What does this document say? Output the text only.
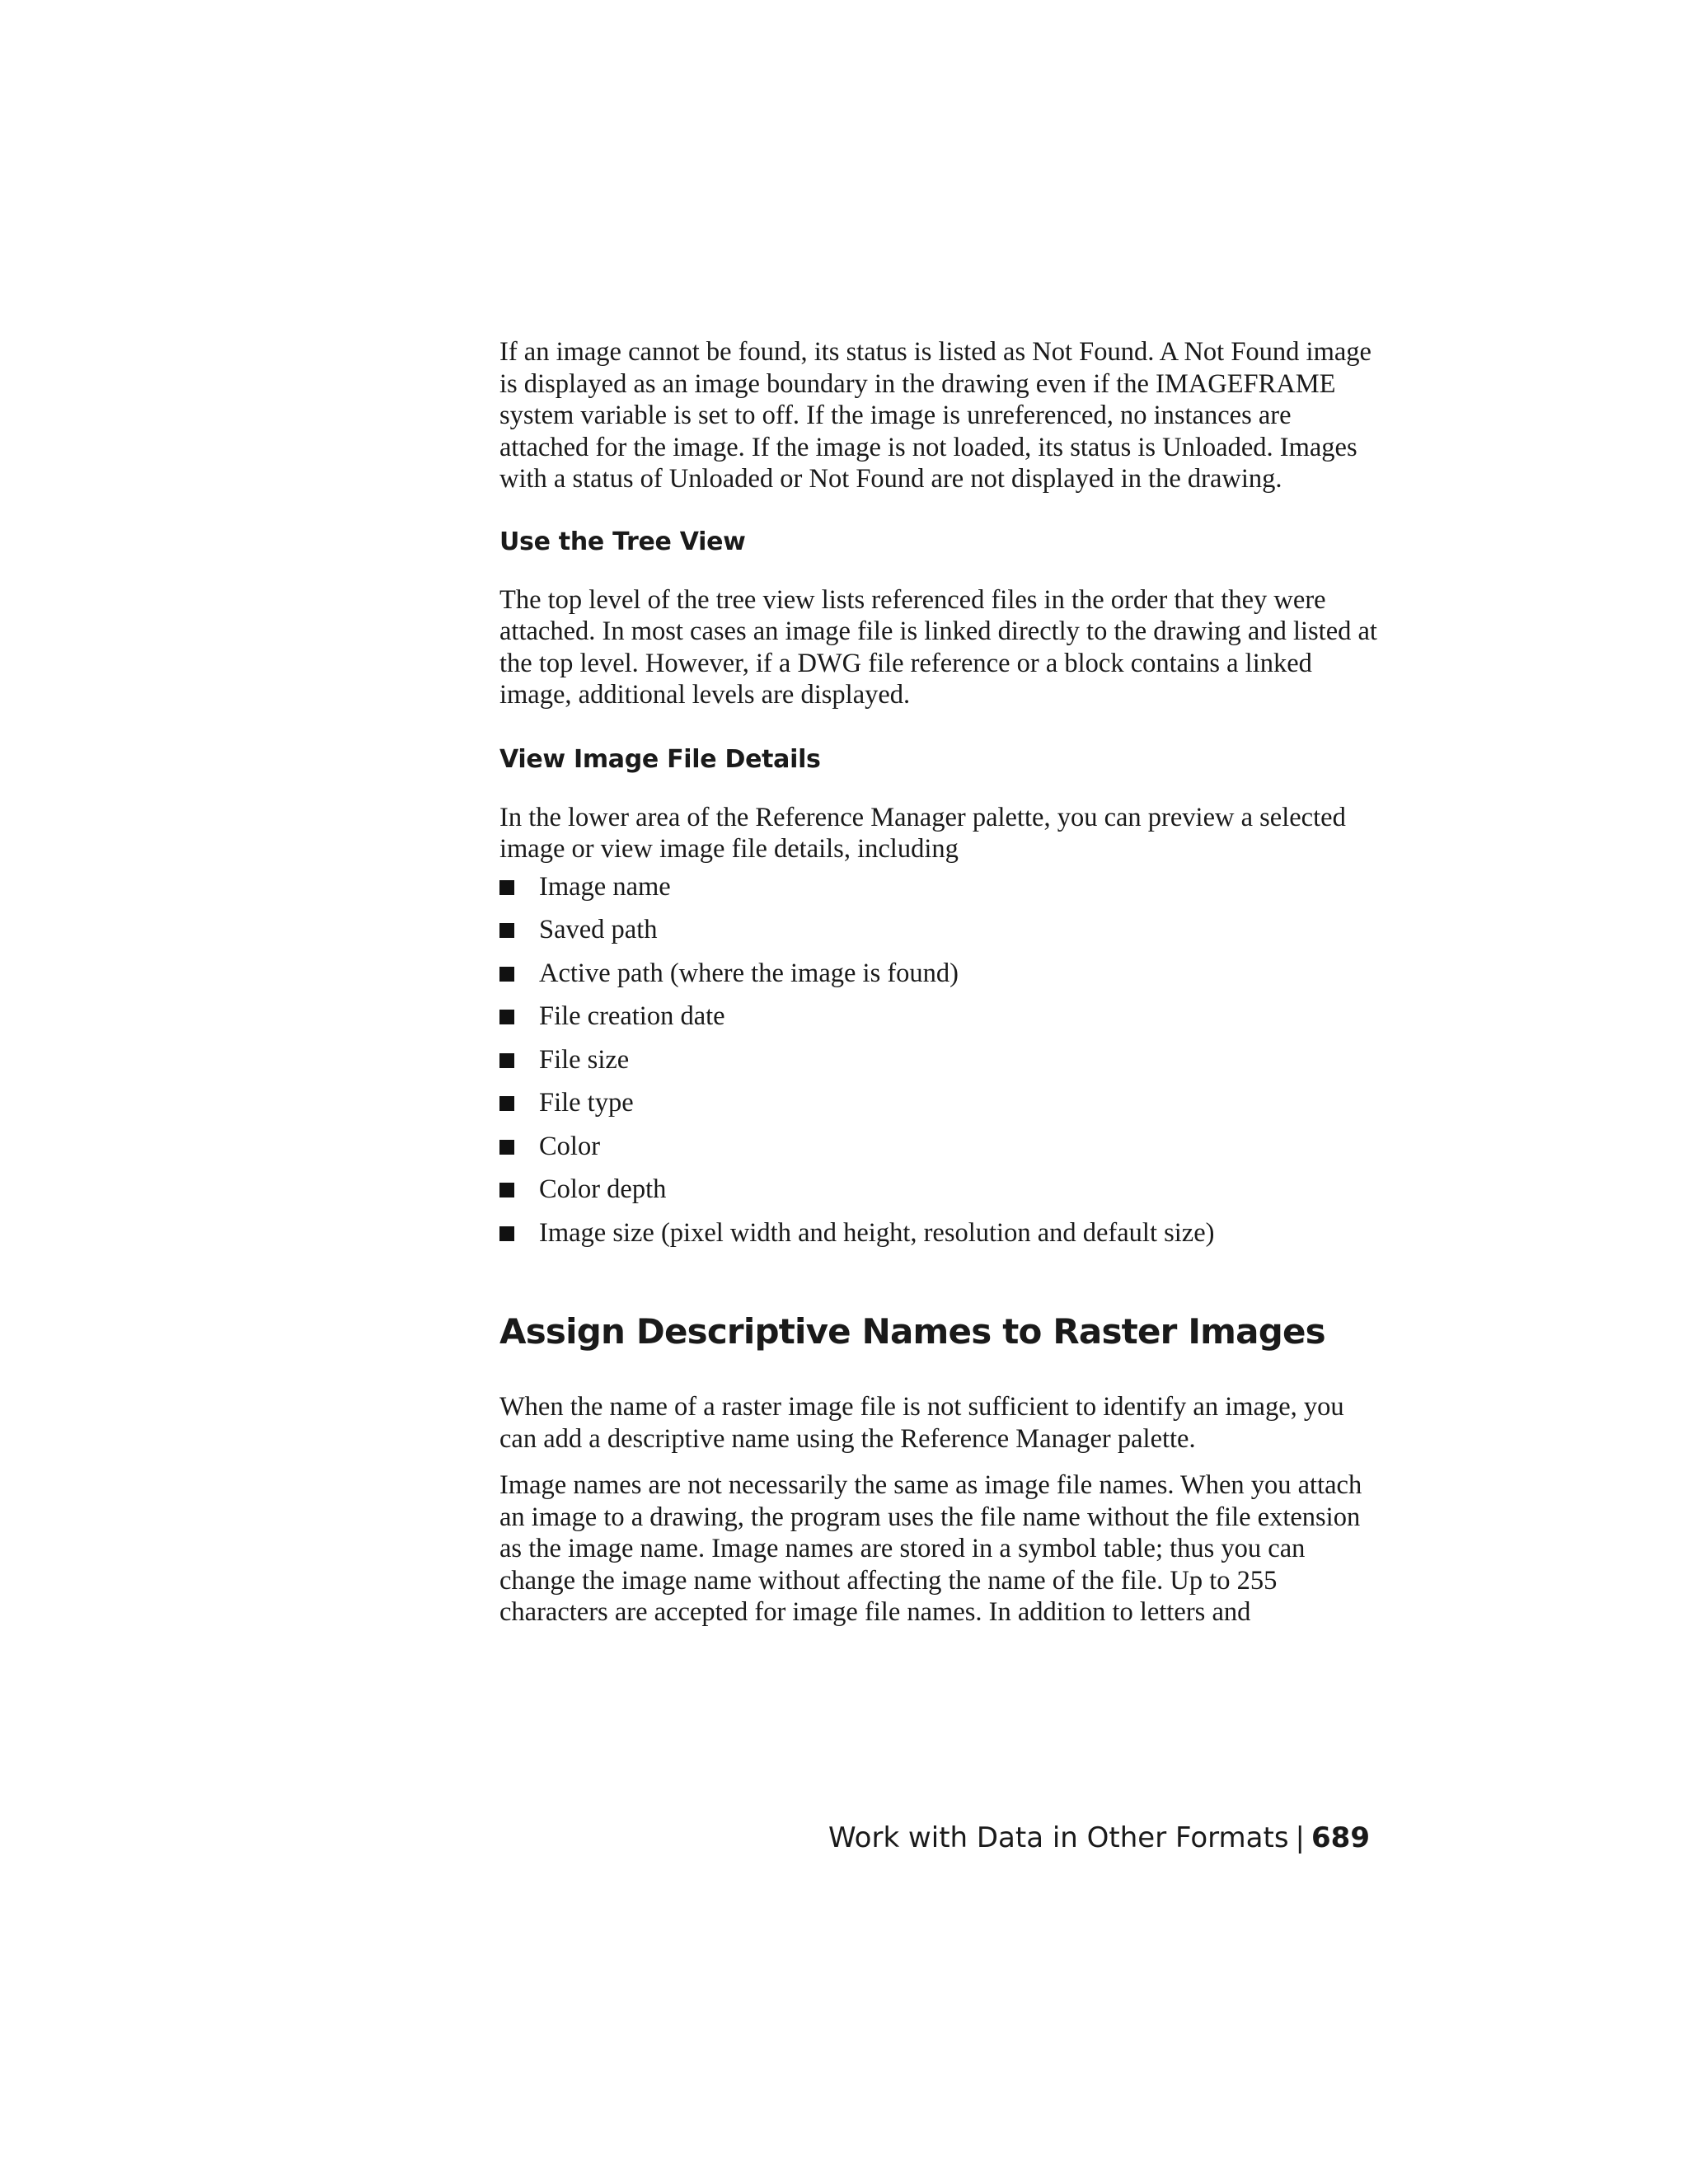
If an image cannot be found, its status is listed as Not Found. A Not Found image is displayed as an image boundary in the drawing even if the IMAGEFRAME system variable is set to off. If the image is unreferenced, no instances are attached for the image. If the image is not loaded, its status is Unloaded. Images with a status of Unloaded or Not Found are not displayed in the drawing.

Use the Tree View

The top level of the tree view lists referenced files in the order that they were attached. In most cases an image file is linked directly to the drawing and listed at the top level. However, if a DWG file reference or a block contains a linked image, additional levels are displayed.

View Image File Details

In the lower area of the Reference Manager palette, you can preview a selected image or view image file details, including

Image name
Saved path
Active path (where the image is found)
File creation date
File size
File type
Color
Color depth
Image size (pixel width and height, resolution and default size)
Assign Descriptive Names to Raster Images

When the name of a raster image file is not sufficient to identify an image, you can add a descriptive name using the Reference Manager palette.

Image names are not necessarily the same as image file names. When you attach an image to a drawing, the program uses the file name without the file extension as the image name. Image names are stored in a symbol table; thus you can change the image name without affecting the name of the file. Up to 255 characters are accepted for image file names. In addition to letters and

Work with Data in Other Formats | 689
